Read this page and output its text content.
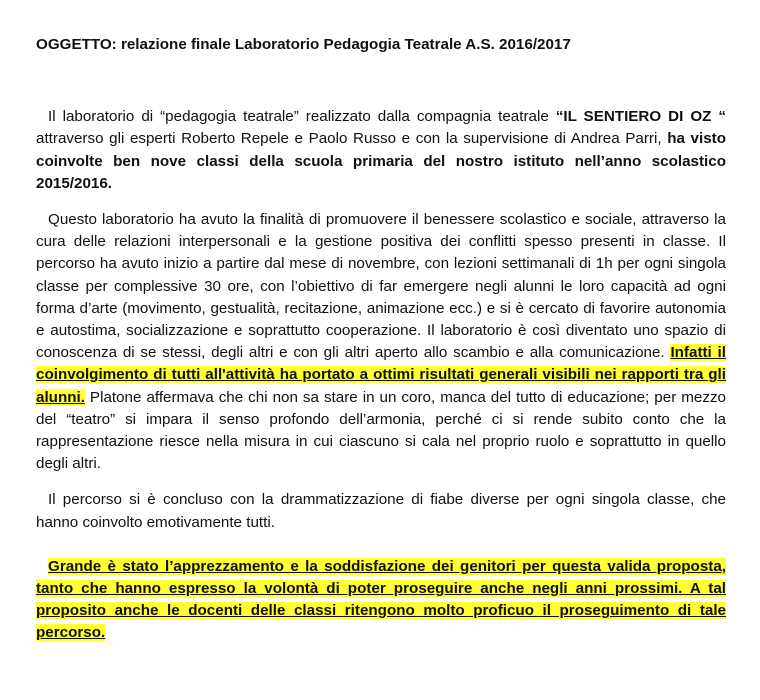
OGGETTO: relazione finale Laboratorio Pedagogia Teatrale A.S. 2016/2017

Il laboratorio di “pedagogia teatrale” realizzato dalla compagnia teatrale “IL SENTIERO DI OZ “ attraverso gli esperti Roberto Repele e Paolo Russo e con la supervisione di Andrea Parri, ha visto coinvolte ben nove classi della scuola primaria del nostro istituto nell’anno scolastico 2015/2016.

Questo laboratorio ha avuto la finalità di promuovere il benessere scolastico e sociale, attraverso la cura delle relazioni interpersonali e la gestione positiva dei conflitti spesso presenti in classe. Il percorso ha avuto inizio a partire dal mese di novembre, con lezioni settimanali di 1h per ogni singola classe per complessive 30 ore, con l’obiettivo di far emergere negli alunni le loro capacità ad ogni forma d’arte (movimento, gestualità, recitazione, animazione ecc.) e si è cercato di favorire autonomia e autostima, socializzazione e soprattutto cooperazione. Il laboratorio è così diventato uno spazio di conoscenza di se stessi, degli altri e con gli altri aperto allo scambio e alla comunicazione. Infatti il coinvolgimento di tutti all'attività ha portato a ottimi risultati generali visibili nei rapporti tra gli alunni. Platone affermava che chi non sa stare in un coro, manca del tutto di educazione; per mezzo del “teatro” si impara il senso profondo dell’armonia, perché ci si rende subito conto che la rappresentazione riesce nella misura in cui ciascuno si cala nel proprio ruolo e soprattutto in quello degli altri.

Il percorso si è concluso con la drammatizzazione di fiabe diverse per ogni singola classe, che hanno coinvolto emotivamente tutti.

Grande è stato l’apprezzamento e la soddisfazione dei genitori per questa valida proposta, tanto che hanno espresso la volontà di poter proseguire anche negli anni prossimi. A tal proposito anche le docenti delle classi ritengono molto proficuo il proseguimento di tale percorso.
